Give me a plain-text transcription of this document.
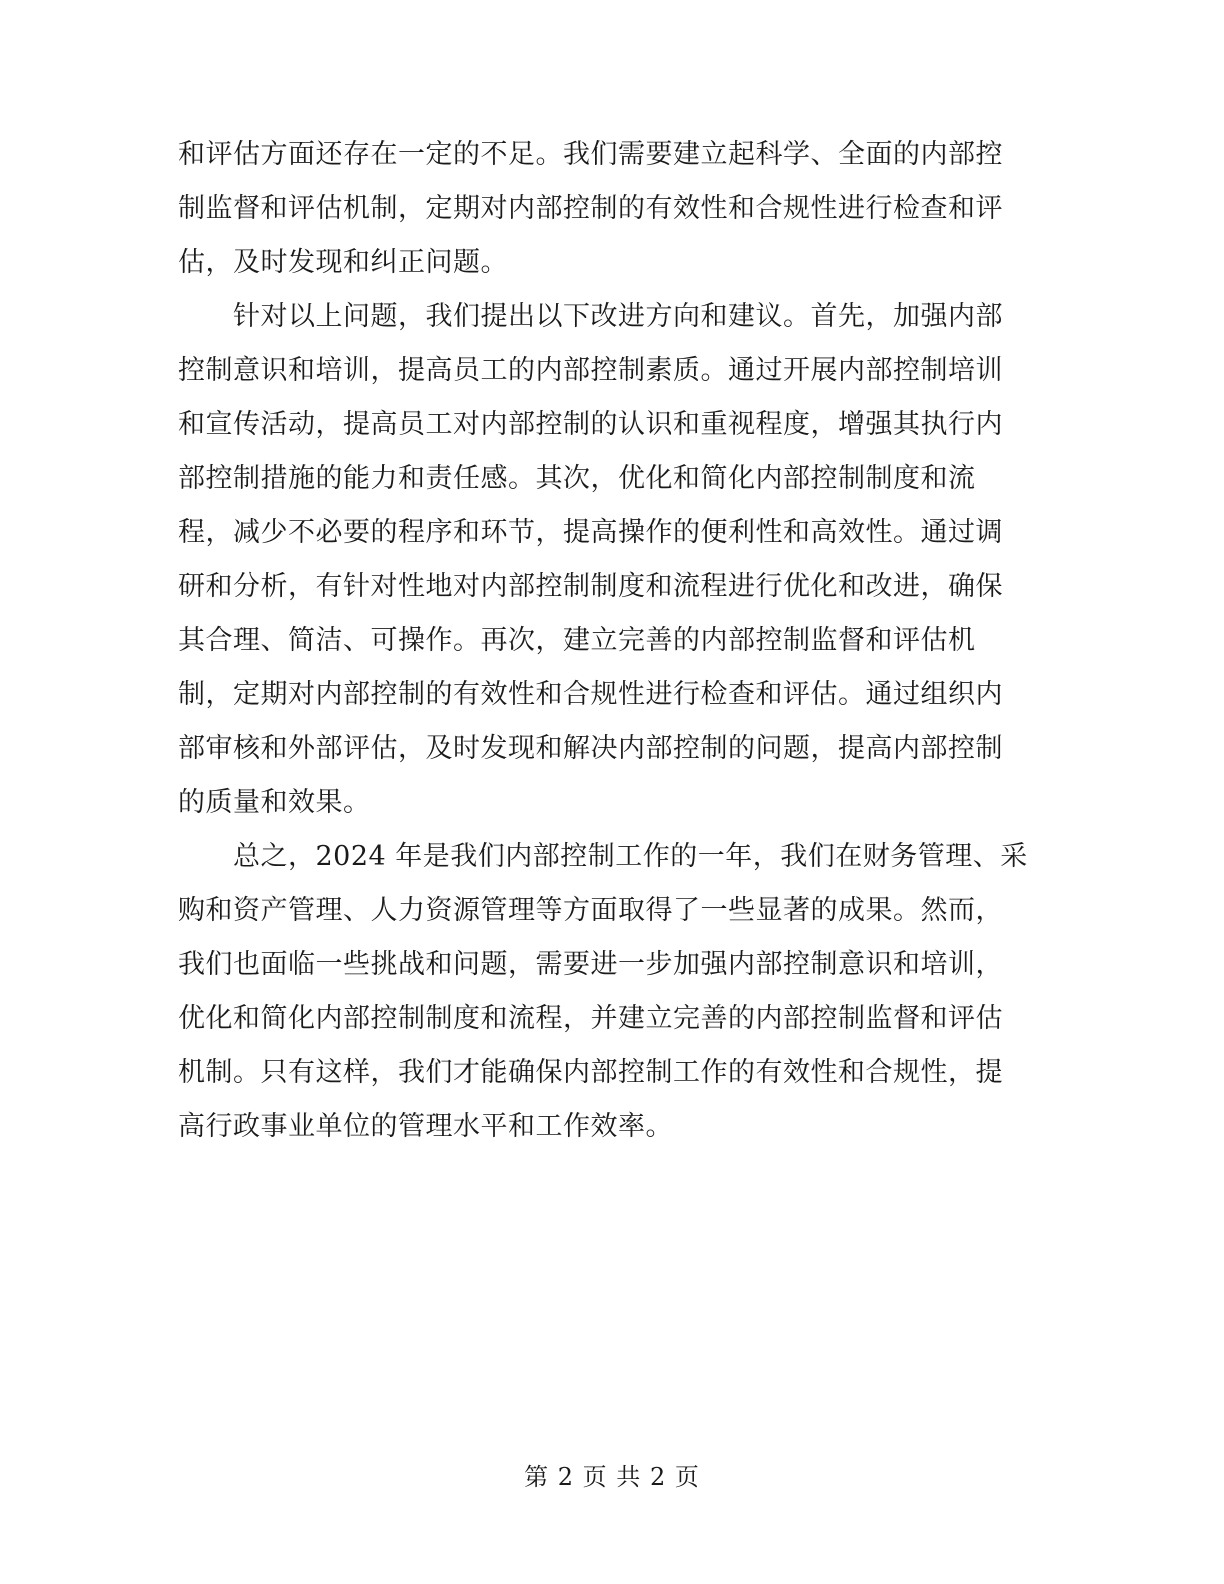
和评估方面还存在一定的不足。我们需要建立起科学、全面的内部控
制监督和评估机制，定期对内部控制的有效性和合规性进行检查和评
估，及时发现和纠正问题。
　　针对以上问题，我们提出以下改进方向和建议。首先，加强内部
控制意识和培训，提高员工的内部控制素质。通过开展内部控制培训
和宣传活动，提高员工对内部控制的认识和重视程度，增强其执行内
部控制措施的能力和责任感。其次，优化和简化内部控制制度和流
程，减少不必要的程序和环节，提高操作的便利性和高效性。通过调
研和分析，有针对性地对内部控制制度和流程进行优化和改进，确保
其合理、简洁、可操作。再次，建立完善的内部控制监督和评估机
制，定期对内部控制的有效性和合规性进行检查和评估。通过组织内
部审核和外部评估，及时发现和解决内部控制的问题，提高内部控制
的质量和效果。
　　总之，2024 年是我们内部控制工作的一年，我们在财务管理、采
购和资产管理、人力资源管理等方面取得了一些显著的成果。然而，
我们也面临一些挑战和问题，需要进一步加强内部控制意识和培训，
优化和简化内部控制制度和流程，并建立完善的内部控制监督和评估
机制。只有这样，我们才能确保内部控制工作的有效性和合规性，提
高行政事业单位的管理水平和工作效率。
第 2 页 共 2 页
